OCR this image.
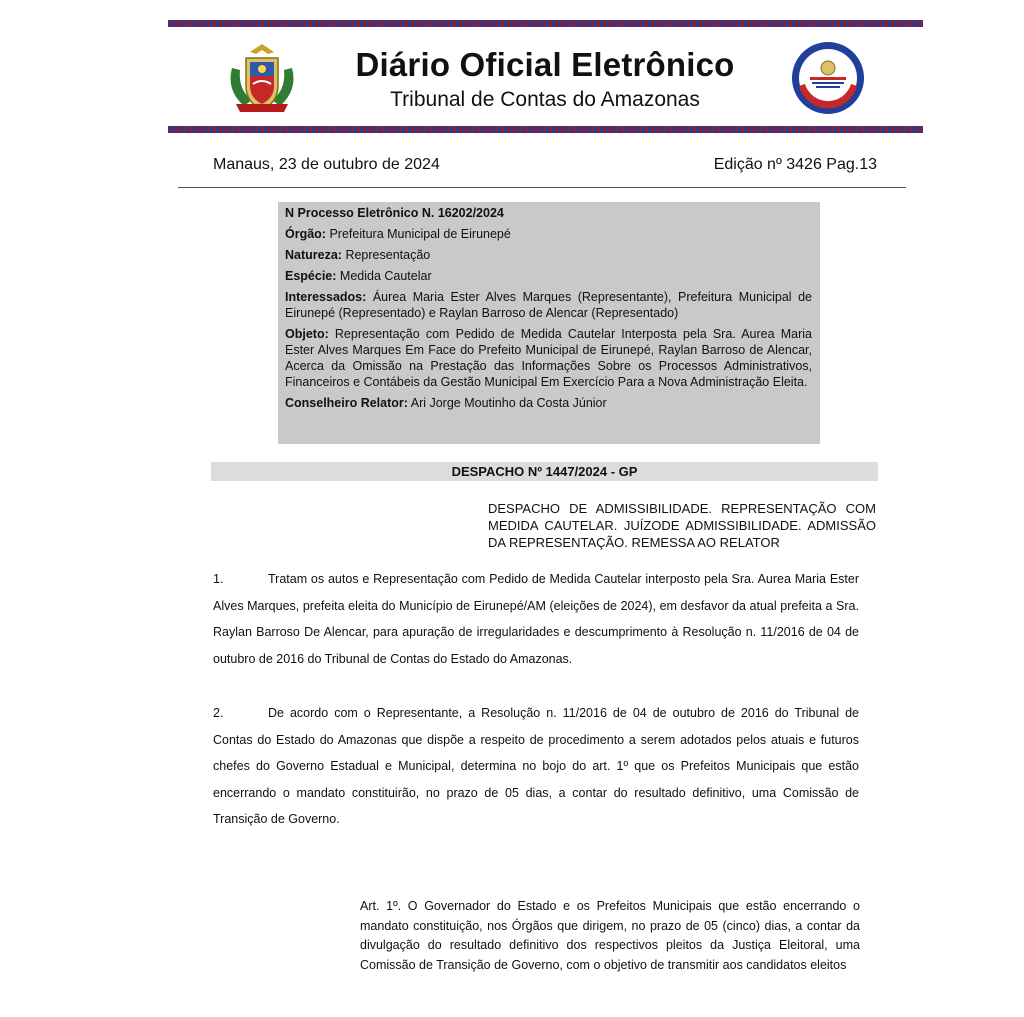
Diário Oficial Eletrônico
Tribunal de Contas do Amazonas
Manaus, 23 de outubro de 2024	Edição nº 3426 Pag.13
N Processo Eletrônico N. 16202/2024
Órgão: Prefeitura Municipal de Eirunepé
Natureza: Representação
Espécie: Medida Cautelar
Interessados: Áurea Maria Ester Alves Marques (Representante), Prefeitura Municipal de Eirunepé (Representado) e Raylan Barroso de Alencar (Representado)
Objeto: Representação com Pedido de Medida Cautelar Interposta pela Sra. Aurea Maria Ester Alves Marques Em Face do Prefeito Municipal de Eirunepé, Raylan Barroso de Alencar, Acerca da Omissão na Prestação das Informações Sobre os Processos Administrativos, Financeiros e Contábeis da Gestão Municipal Em Exercício Para a Nova Administração Eleita.
Conselheiro Relator: Ari Jorge Moutinho da Costa Júnior
DESPACHO Nº 1447/2024 - GP
DESPACHO DE ADMISSIBILIDADE. REPRESENTAÇÃO COM MEDIDA CAUTELAR. JUÍZODE ADMISSIBILIDADE. ADMISSÃO DA REPRESENTAÇÃO. REMESSA AO RELATOR
1.	Tratam os autos e Representação com Pedido de Medida Cautelar interposto pela Sra. Aurea Maria Ester Alves Marques, prefeita eleita do Município de Eirunepé/AM (eleições de 2024), em desfavor da atual prefeita a Sra. Raylan Barroso De Alencar, para apuração de irregularidades e descumprimento à Resolução n. 11/2016 de 04 de outubro de 2016 do Tribunal de Contas do Estado do Amazonas.
2.	De acordo com o Representante, a Resolução n. 11/2016 de 04 de outubro de 2016 do Tribunal de Contas do Estado do Amazonas que dispõe a respeito de procedimento a serem adotados pelos atuais e futuros chefes do Governo Estadual e Municipal, determina no bojo do art. 1º que os Prefeitos Municipais que estão encerrando o mandato constituirão, no prazo de 05 dias, a contar do resultado definitivo, uma Comissão de Transição de Governo.
Art. 1º. O Governador do Estado e os Prefeitos Municipais que estão encerrando o mandato constituição, nos Órgãos que dirigem, no prazo de 05 (cinco) dias, a contar da divulgação do resultado definitivo dos respectivos pleitos da Justiça Eleitoral, uma Comissão de Transição de Governo, com o objetivo de transmitir aos candidatos eleitos
